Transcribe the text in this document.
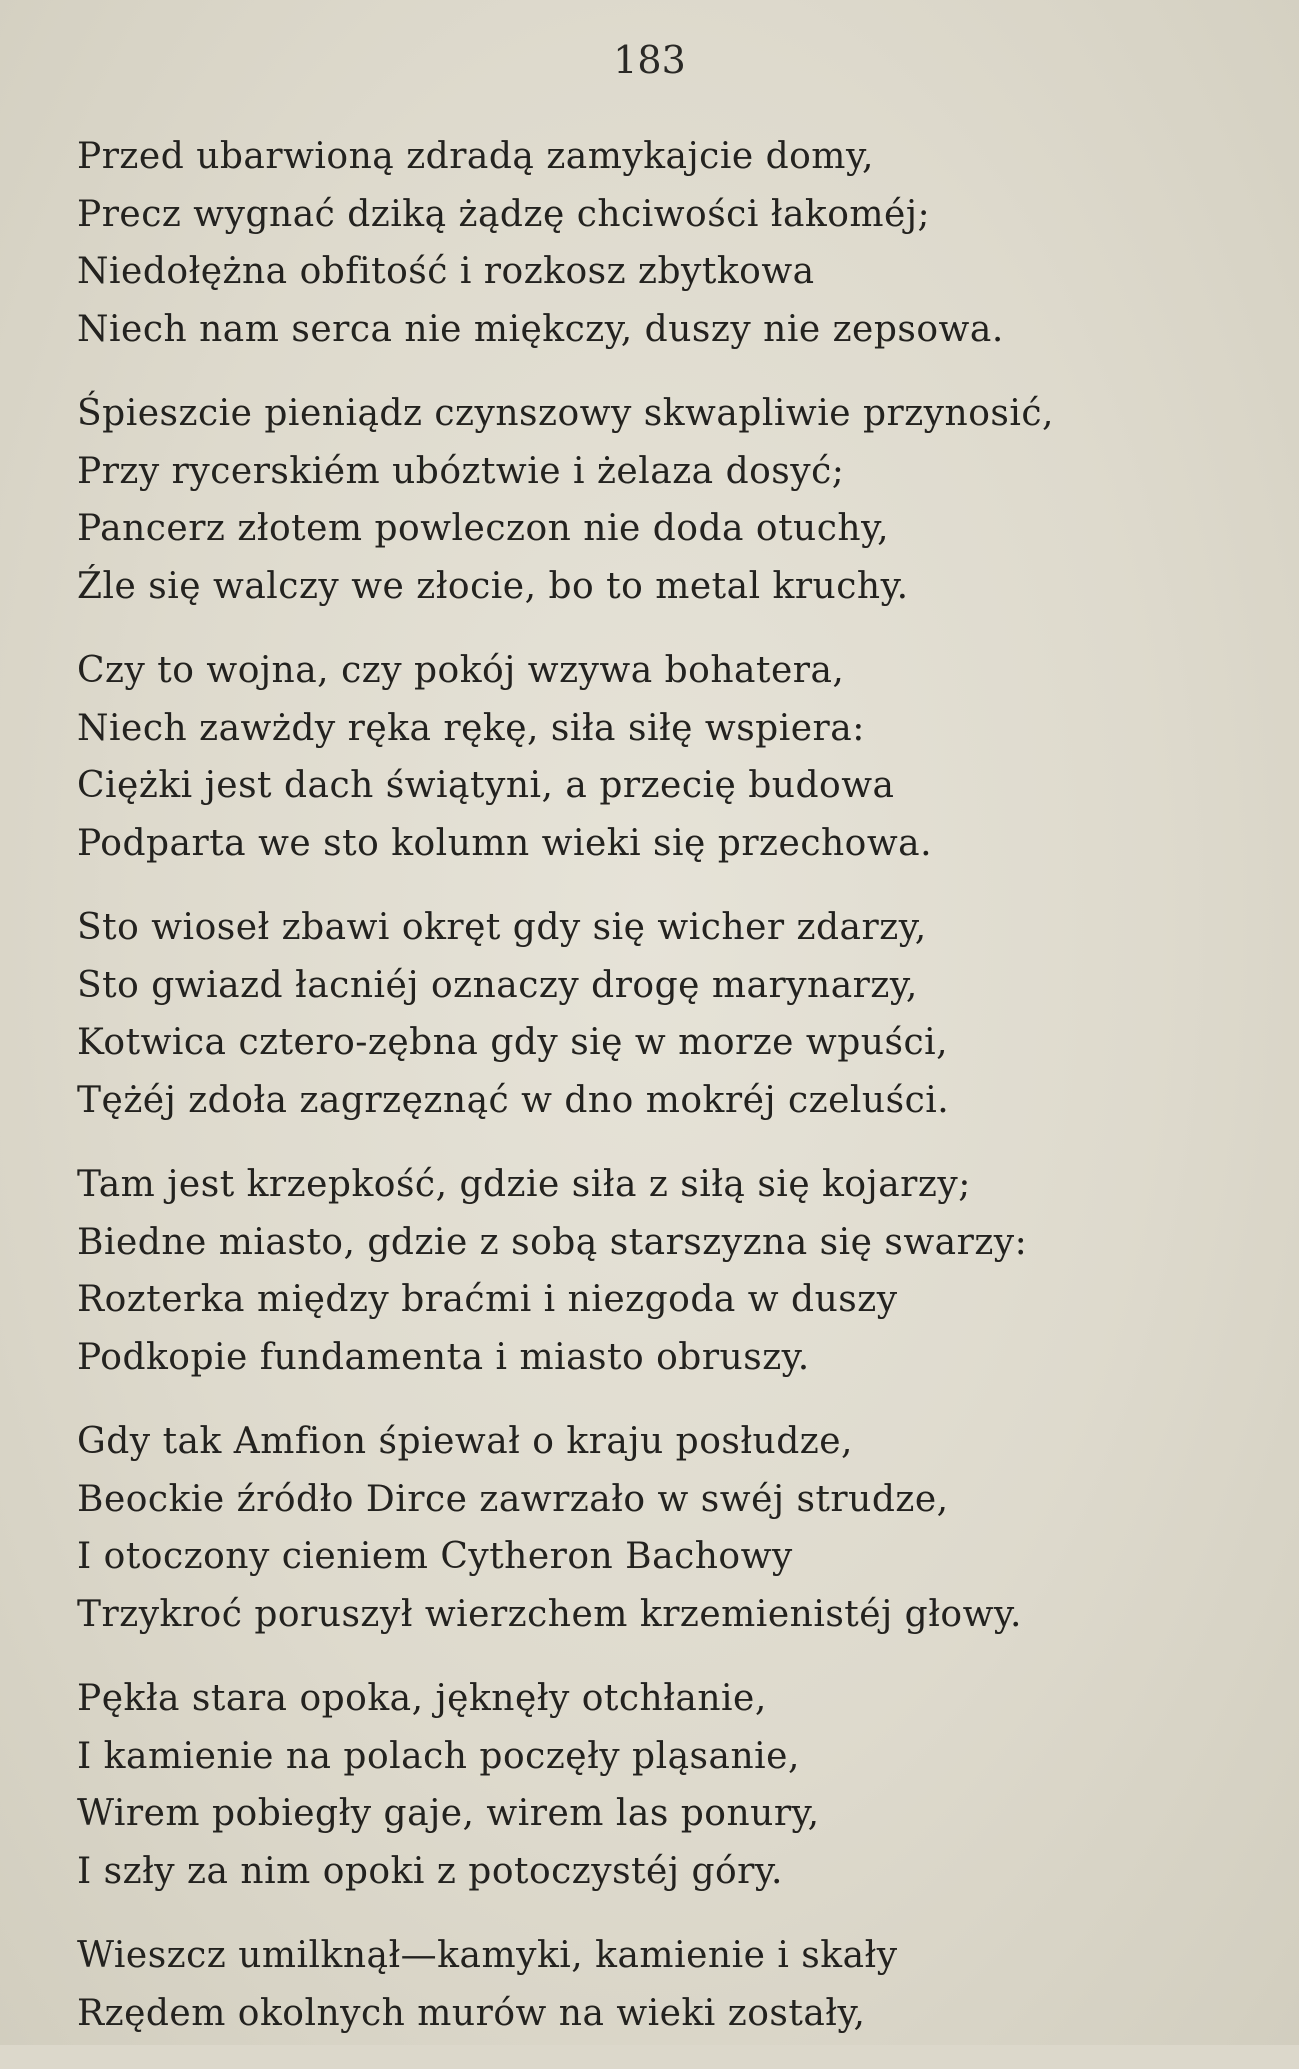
183
Przed ubarwioną zdradą zamykajcie domy,
Precz wygnać dziką żądzę chciwości łakoméj;
Niedołężna obfitość i rozkosz zbytkowa
Niech nam serca nie miękczy, duszy nie zepsowa.
Śpieszcie pieniądz czynszowy skwapliwie przynosić,
Przy rycerskiém ubóztwie i żelaza dosyć;
Pancerz złotem powleczon nie doda otuchy,
Źle się walczy we złocie, bo to metal kruchy.
Czy to wojna, czy pokój wzywa bohatera,
Niech zawżdy ręka rękę, siła siłę wspiera:
Ciężki jest dach świątyni, a przecię budowa
Podparta we sto kolumn wieki się przechowa.
Sto wioseł zbawi okręt gdy się wicher zdarzy,
Sto gwiazd łacniéj oznaczy drogę marynarzy,
Kotwica cztero-zębna gdy się w morze wpuści,
Tężéj zdoła zagrzęznąć w dno mokréj czeluści.
Tam jest krzepkość, gdzie siła z siłą się kojarzy;
Biedne miasto, gdzie z sobą starszyzna się swarzy:
Rozterka między braćmi i niezgoda w duszy
Podkopie fundamenta i miasto obruszy.
Gdy tak Amfion śpiewał o kraju posłudze,
Beockie źródło Dirce zawrzało w swéj strudze,
I otoczony cieniem Cytheron Bachowy
Trzykroć poruszył wierzchem krzemienistéj głowy.
Pękła stara opoka, jęknęły otchłanie,
I kamienie na polach poczęły pląsanie,
Wirem pobiegły gaje, wirem las ponury,
I szły za nim opoki z potoczystéj góry.
Wieszcz umilknął—kamyki, kamienie i skały
Rzędem okolnych murów na wieki zostały,
